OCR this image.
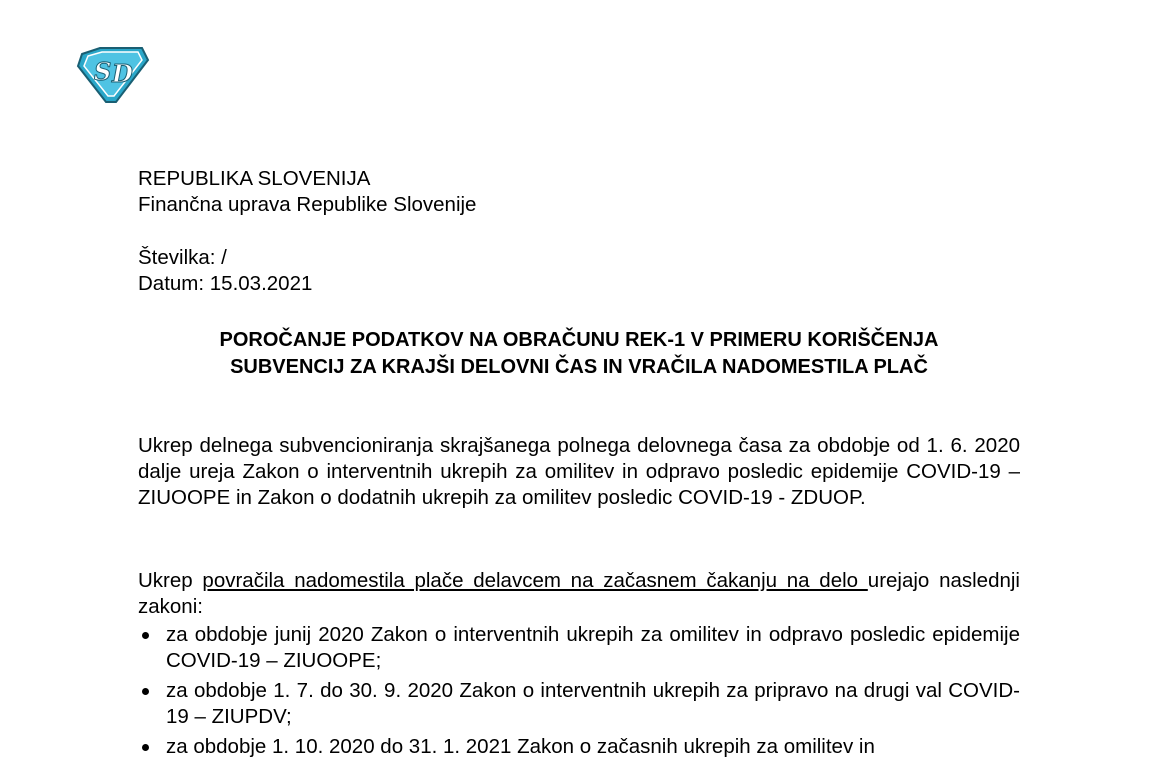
S D
REPUBLIKA SLOVENIJA
Finančna uprava Republike Slovenije
Številka: /
Datum: 15.03.2021
POROČANJE PODATKOV NA OBRAČUNU REK-1 V PRIMERU KORIŠČENJA
SUBVENCIJ ZA KRAJŠI DELOVNI ČAS IN VRAČILA NADOMESTILA PLAČ

Ukrep delnega subvencioniranja skrajšanega polnega delovnega časa za obdobje od 1. 6. 2020 dalje ureja Zakon o interventnih ukrepih za omilitev in odpravo posledic epidemije COVID-19 – ZIUOOPE in Zakon o dodatnih ukrepih za omilitev posledic COVID-19 - ZDUOP.

Ukrep povračila nadomestila plače delavcem na začasnem čakanju na delo urejajo naslednji zakoni:

za obdobje junij 2020 Zakon o interventnih ukrepih za omilitev in odpravo posledic epidemije COVID-19 – ZIUOOPE;
za obdobje 1. 7. do 30. 9. 2020 Zakon o interventnih ukrepih za pripravo na drugi val COVID-19 – ZIUPDV;
za obdobje 1. 10. 2020 do 31. 1. 2021 Zakon o začasnih ukrepih za omilitev in
